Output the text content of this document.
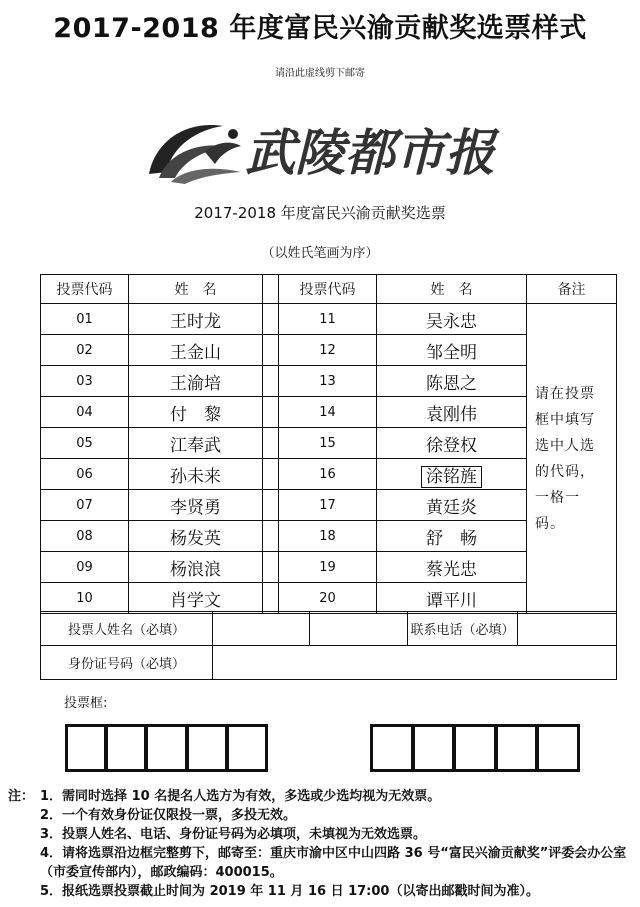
2017-2018 年度富民兴渝贡献奖选票样式
请沿此虚线剪下邮寄
武陵都市报
2017-2018 年度富民兴渝贡献奖选票
（以姓氏笔画为序）
投票代码	姓　名		投票代码	姓　名	备注
01	王时龙		11	吴永忠	请在投票框中填写选中人选的代码，一格一码。
02	王金山		12	邹全明	
03	王渝培		13	陈恩之	
04	付　黎		14	袁刚伟	
05	江奉武		15	徐登权	
06	孙未来		16	涂铭旌	
07	李贤勇		17	黄廷炎	
08	杨发英		18	舒　畅	
09	杨浪浪		19	蔡光忠	
10	肖学文		20	谭平川	
投票人姓名（必填）			联系电话（必填）	
身份证号码（必填）				
投票框:
注： 1．需同时选择 10 名提名人选方为有效，多选或少选均视为无效票。
2．一个有效身份证仅限投一票，多投无效。
3．投票人姓名、电话、身份证号码为必填项，未填视为无效选票。
4．请将选票沿边框完整剪下，邮寄至：重庆市渝中区中山四路 36 号“富民兴渝贡献奖”评委会办公室（市委宣传部内），邮政编码：400015。
5．报纸选票投票截止时间为 2019 年 11 月 16 日 17:00（以寄出邮戳时间为准）。
